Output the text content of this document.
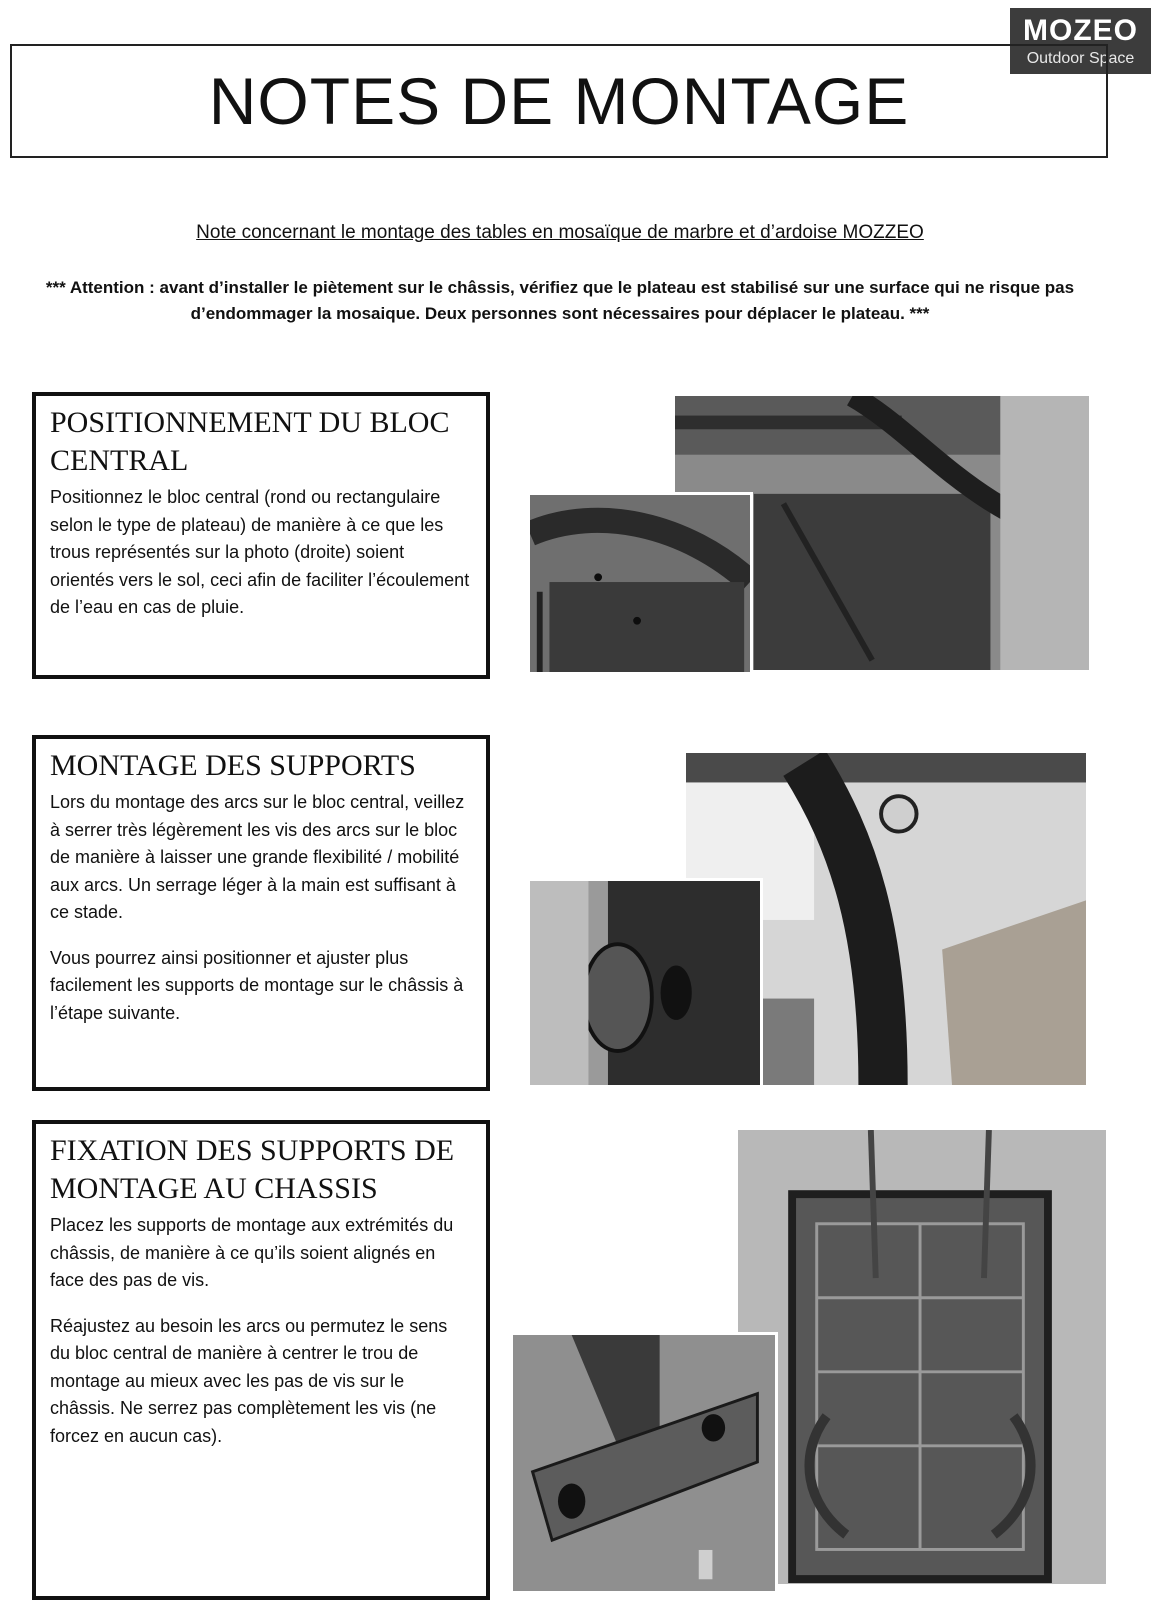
MOZEO
Outdoor Space
NOTES DE MONTAGE
Note concernant le montage des tables en mosaïque de marbre et d’ardoise MOZZEO
*** Attention : avant d’installer le piètement sur le châssis, vérifiez que le plateau est stabilisé sur une surface qui ne risque pas d’endommager la mosaique. Deux personnes sont nécessaires pour déplacer le plateau. ***
POSITIONNEMENT DU BLOC CENTRAL

Positionnez le bloc central (rond ou rectangulaire selon le type de plateau) de manière à ce que les trous représentés sur la photo (droite) soient orientés vers le sol, ceci afin de faciliter l’écoulement de l’eau en cas de pluie.

MONTAGE DES SUPPORTS

Lors du montage des arcs sur le bloc central, veillez à serrer très légèrement les vis des arcs sur le bloc de manière à laisser une grande flexibilité / mobilité aux arcs. Un serrage léger à la main est suffisant à ce stade.

Vous pourrez ainsi positionner et ajuster plus facilement les supports de montage sur le châssis à l’étape suivante.

FIXATION DES SUPPORTS DE MONTAGE AU CHASSIS

Placez les supports de montage aux extrémités du châssis, de manière à ce qu’ils soient alignés en face des pas de vis.

Réajustez au besoin les arcs ou permutez le sens du bloc central de manière à centrer le trou de montage au mieux avec les pas de vis sur le châssis. Ne serrez pas complètement les vis (ne forcez en aucun cas).
